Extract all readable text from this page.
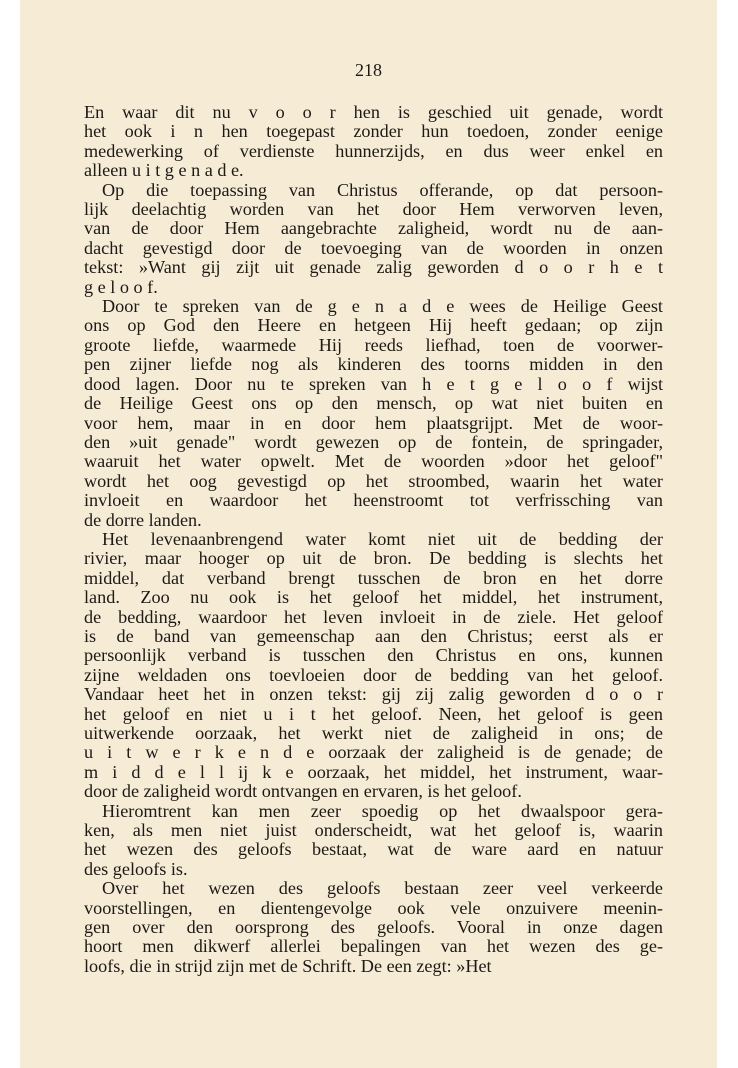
218
En waar dit nu v o o r hen is geschied uit genade, wordt
het ook i n hen toegepast zonder hun toedoen, zonder eenige
medewerking of verdienste hunnerzijds, en dus weer enkel en
alleen u i t g e n a d e.
Op die toepassing van Christus offerande, op dat persoon-
lijk deelachtig worden van het door Hem verworven leven,
van de door Hem aangebrachte zaligheid, wordt nu de aan-
dacht gevestigd door de toevoeging van de woorden in onzen
tekst: »Want gij zijt uit genade zalig geworden d o o r h e t
g e l o o f.
Door te spreken van de g e n a d e wees de Heilige Geest
ons op God den Heere en hetgeen Hij heeft gedaan; op zijn
groote liefde, waarmede Hij reeds liefhad, toen de voorwer-
pen zijner liefde nog als kinderen des toorns midden in den
dood lagen. Door nu te spreken van h e t g e l o o f wijst
de Heilige Geest ons op den mensch, op wat niet buiten en
voor hem, maar in en door hem plaatsgrijpt. Met de woor-
den »uit genade" wordt gewezen op de fontein, de springader,
waaruit het water opwelt. Met de woorden »door het geloof"
wordt het oog gevestigd op het stroombed, waarin het water
invloeit en waardoor het heenstroomt tot verfrissching van
de dorre landen.
Het levenaanbrengend water komt niet uit de bedding der
rivier, maar hooger op uit de bron. De bedding is slechts het
middel, dat verband brengt tusschen de bron en het dorre
land. Zoo nu ook is het geloof het middel, het instrument,
de bedding, waardoor het leven invloeit in de ziele. Het geloof
is de band van gemeenschap aan den Christus; eerst als er
persoonlijk verband is tusschen den Christus en ons, kunnen
zijne weldaden ons toevloeien door de bedding van het geloof.
Vandaar heet het in onzen tekst: gij zij zalig geworden d o o r
het geloof en niet u i t het geloof. Neen, het geloof is geen
uitwerkende oorzaak, het werkt niet de zaligheid in ons; de
u i t w e r k e n d e oorzaak der zaligheid is de genade; de
m i d d e l l ij k e oorzaak, het middel, het instrument, waar-
door de zaligheid wordt ontvangen en ervaren, is het geloof.
Hieromtrent kan men zeer spoedig op het dwaalspoor gera-
ken, als men niet juist onderscheidt, wat het geloof is, waarin
het wezen des geloofs bestaat, wat de ware aard en natuur
des geloofs is.
Over het wezen des geloofs bestaan zeer veel verkeerde
voorstellingen, en dientengevolge ook vele onzuivere meenin-
gen over den oorsprong des geloofs. Vooral in onze dagen
hoort men dikwerf allerlei bepalingen van het wezen des ge-
loofs, die in strijd zijn met de Schrift. De een zegt: »Het
